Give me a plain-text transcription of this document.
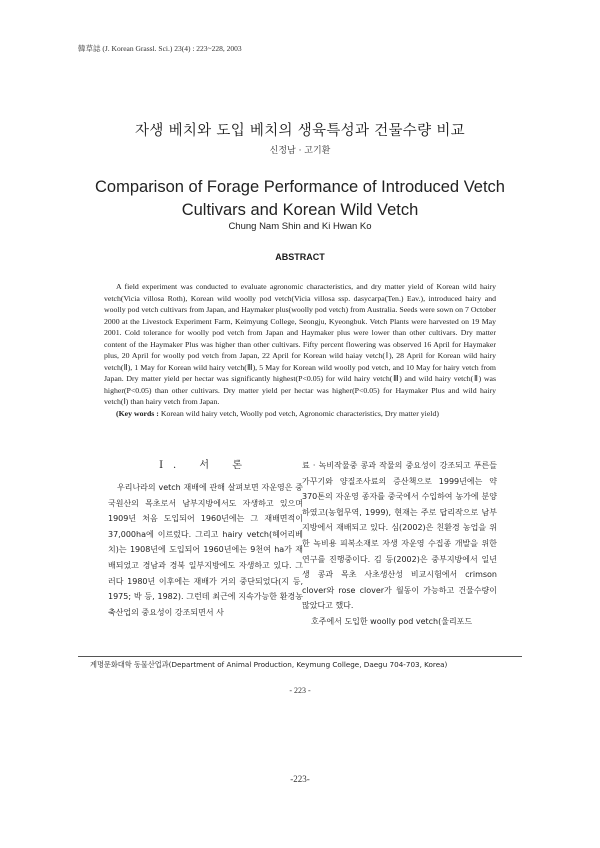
韓草誌 (J. Korean Grassl. Sci.) 23(4) : 223~228, 2003
자생 베치와 도입 베치의 생육특성과 건물수량 비교
신정남 · 고기환
Comparison of Forage Performance of Introduced Vetch
Cultivars and Korean Wild Vetch
Chung Nam Shin and Ki Hwan Ko
ABSTRACT

A field experiment was conducted to evaluate agronomic characteristics, and dry matter yield of Korean wild hairy vetch(Vicia villosa Roth), Korean wild woolly pod vetch(Vicia villosa ssp. dasycarpa(Ten.) Eav.), introduced hairy and woolly pod vetch cultivars from Japan, and Haymaker plus(woolly pod vetch) from Australia. Seeds were sown on 7 October 2000 at the Livestock Experiment Farm, Keimyung College, Seongju, Kyeongbuk. Vetch Plants were harvested on 19 May 2001. Cold tolerance for woolly pod vetch from Japan and Haymaker plus were lower than other cultivars. Dry matter content of the Haymaker Plus was higher than other cultivars. Fifty percent flowering was observed 16 April for Haymaker plus, 20 April for woolly pod vetch from Japan, 22 April for Korean wild haiay vetch(Ⅰ), 28 April for Korean wild hairy vetch(Ⅱ), 1 May for Korean wild hairy vetch(Ⅲ), 5 May for Korean wild woolly pod vetch, and 10 May for hairy vetch from Japan. Dry matter yield per hectar was significantly highest(P<0.05) for wild hairy vetch(Ⅲ) and wild hairy vetch(Ⅱ) was higher(P<0.05) than other cultivars. Dry matter yield per hectar was higher(P<0.05) for Haymaker Plus and wild hairy vetch(Ⅰ) than hairy vetch from Japan.

(Key words : Korean wild hairy vetch, Woolly pod vetch, Agronomic characteristics, Dry matter yield)

Ⅰ. 서 론

우리나라의 vetch 재배에 관해 살펴보면 자운영은 중국원산의 목초로서 남부지방에서도 자생하고 있으며 1909년 처음 도입되어 1960년에는 그 재배면적이 37,000ha에 이르렀다. 그리고 hairy vetch(헤어리베치)는 1908년에 도입되어 1960년에는 9천여 ha가 재배되었고 경남과 경북 일부지방에도 자생하고 있다. 그러다 1980년 이후에는 재배가 거의 중단되었다(지 등, 1975; 박 등, 1982). 그런데 최근에 지속가능한 환경농축산업의 중요성이 강조되면서 사

료 · 녹비작물중 콩과 작물의 중요성이 강조되고 푸른들 가꾸기와 양질조사료의 증산책으로 1999년에는 약 370톤의 자운영 종자를 중국에서 수입하여 농가에 분양하였고(농협무역, 1999), 현재는 주로 답리작으로 남부지방에서 재배되고 있다. 심(2002)은 친환경 농업을 위한 녹비용 피복소재로 자생 자운영 수집종 개발을 위한 연구를 진행중이다. 김 등(2002)은 중부지방에서 일년생 콩과 목초 사초생산성 비교시험에서 crimson clover와 rose clover가 월동이 가능하고 건물수량이 많았다고 했다.

호주에서 도입한 woolly pod vetch(울리포드

계명문화대학 동물산업과(Department of Animal Production, Keymung College, Daegu 704-703, Korea)
- 223 -
-223-
